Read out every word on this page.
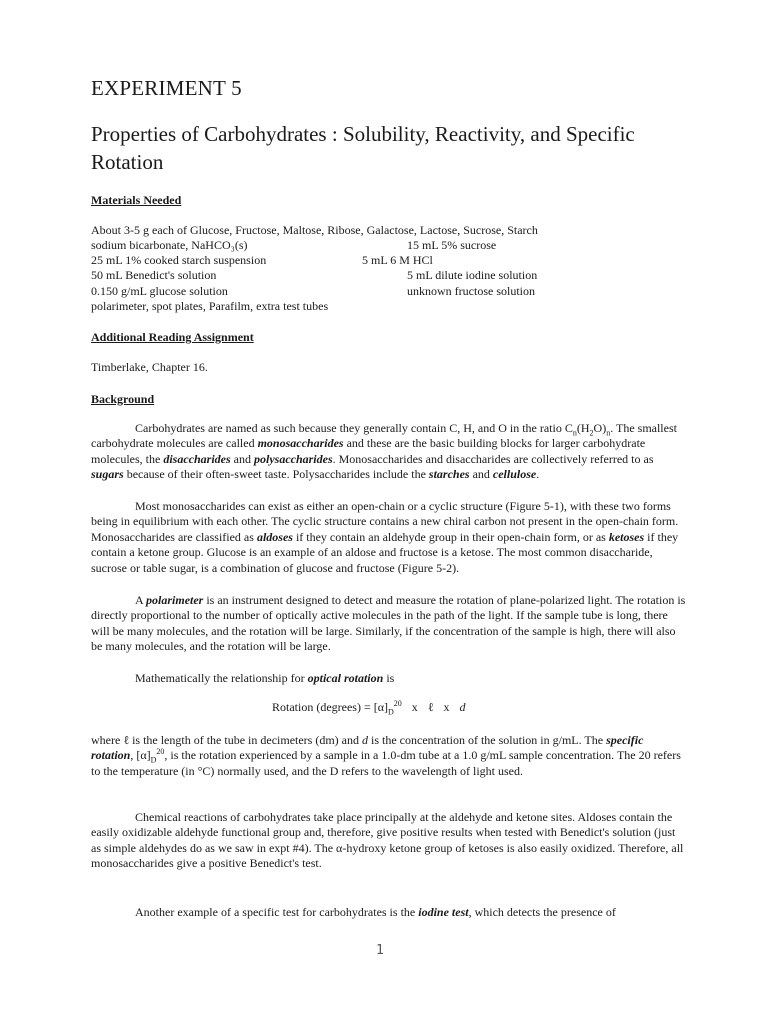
EXPERIMENT 5
Properties of Carbohydrates : Solubility, Reactivity, and Specific Rotation
Materials Needed
About 3-5 g each of Glucose, Fructose, Maltose, Ribose, Galactose, Lactose, Sucrose, Starch
sodium bicarbonate, NaHCO₃(s)	15 mL 5% sucrose
25 mL 1% cooked starch suspension	5 mL 6 M HCl
50 mL Benedict's solution	5 mL dilute iodine solution
0.150 g/mL glucose solution	unknown fructose solution
polarimeter, spot plates, Parafilm, extra test tubes
Additional Reading Assignment
Timberlake, Chapter 16.
Background

Carbohydrates are named as such because they generally contain C, H, and O in the ratio $C_n(H_2O)_n$. The smallest carbohydrate molecules are called monosaccharides and these are the basic building blocks for larger carbohydrate molecules, the disaccharides and polysaccharides. Monosaccharides and disaccharides are collectively referred to as sugars because of their often-sweet taste. Polysaccharides include the starches and cellulose.

Most monosaccharides can exist as either an open-chain or a cyclic structure (Figure 5-1), with these two forms being in equilibrium with each other. The cyclic structure contains a new chiral carbon not present in the open-chain form. Monosaccharides are classified as aldoses if they contain an aldehyde group in their open-chain form, or as ketoses if they contain a ketone group. Glucose is an example of an aldose and fructose is a ketose. The most common disaccharide, sucrose or table sugar, is a combination of glucose and fructose (Figure 5-2).

A polarimeter is an instrument designed to detect and measure the rotation of plane-polarized light. The rotation is directly proportional to the number of optically active molecules in the path of the light. If the sample tube is long, there will be many molecules, and the rotation will be large. Similarly, if the concentration of the sample is high, there will also be many molecules, and the rotation will be large.

Mathematically the relationship for optical rotation is

Rotation (degrees) = $[\alpha]_D^{20}$ x ℓ x d

where ℓ is the length of the tube in decimeters (dm) and d is the concentration of the solution in g/mL. The specific rotation, $[\alpha]_D^{20}$, is the rotation experienced by a sample in a 1.0-dm tube at a 1.0 g/mL sample concentration. The 20 refers to the temperature (in °C) normally used, and the D refers to the wavelength of light used.

Chemical reactions of carbohydrates take place principally at the aldehyde and ketone sites. Aldoses contain the easily oxidizable aldehyde functional group and, therefore, give positive results when tested with Benedict's solution (just as simple aldehydes do as we saw in expt #4). The α-hydroxy ketone group of ketoses is also easily oxidized. Therefore, all monosaccharides give a positive Benedict's test.

Another example of a specific test for carbohydrates is the iodine test, which detects the presence of

1
